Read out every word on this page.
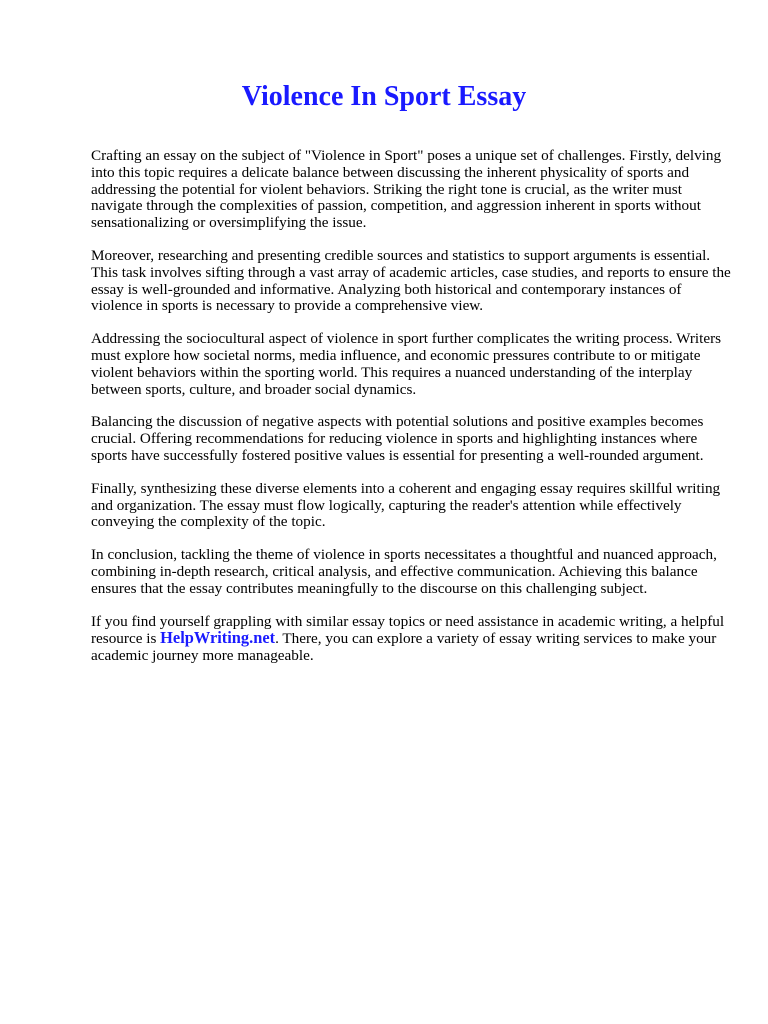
Violence In Sport Essay

Crafting an essay on the subject of "Violence in Sport" poses a unique set of challenges. Firstly, delving into this topic requires a delicate balance between discussing the inherent physicality of sports and addressing the potential for violent behaviors. Striking the right tone is crucial, as the writer must navigate through the complexities of passion, competition, and aggression inherent in sports without sensationalizing or oversimplifying the issue.

Moreover, researching and presenting credible sources and statistics to support arguments is essential. This task involves sifting through a vast array of academic articles, case studies, and reports to ensure the essay is well-grounded and informative. Analyzing both historical and contemporary instances of violence in sports is necessary to provide a comprehensive view.

Addressing the sociocultural aspect of violence in sport further complicates the writing process. Writers must explore how societal norms, media influence, and economic pressures contribute to or mitigate violent behaviors within the sporting world. This requires a nuanced understanding of the interplay between sports, culture, and broader social dynamics.

Balancing the discussion of negative aspects with potential solutions and positive examples becomes crucial. Offering recommendations for reducing violence in sports and highlighting instances where sports have successfully fostered positive values is essential for presenting a well-rounded argument.

Finally, synthesizing these diverse elements into a coherent and engaging essay requires skillful writing and organization. The essay must flow logically, capturing the reader's attention while effectively conveying the complexity of the topic.

In conclusion, tackling the theme of violence in sports necessitates a thoughtful and nuanced approach, combining in-depth research, critical analysis, and effective communication. Achieving this balance ensures that the essay contributes meaningfully to the discourse on this challenging subject.

If you find yourself grappling with similar essay topics or need assistance in academic writing, a helpful resource is HelpWriting.net. There, you can explore a variety of essay writing services to make your academic journey more manageable.
